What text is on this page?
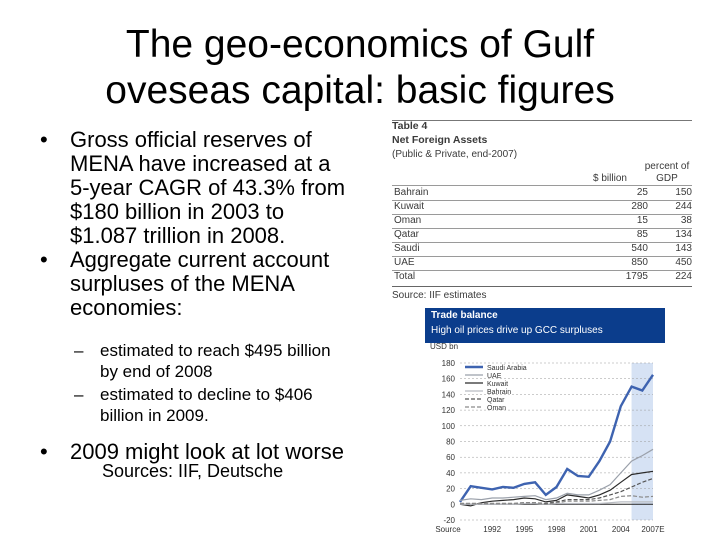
The geo-economics of Gulf
oveseas capital: basic figures
• Gross official reserves of
MENA have increased at a
5-year CAGR of 43.3% from
$180 billion in 2003 to
$1.087 trillion in 2008.
• Aggregate current account
surpluses of the MENA
economies:
– estimated to reach $495 billion
by end of 2008
– estimated to decline to $406
billion in 2009.
• 2009 might look at lot worse
Sources: IIF, Deutsche
Table 4
Net Foreign Assets
(Public & Private, end-2007)
$ billion
percent of
GDP
Bahrain	25	150
Kuwait	280	244
Oman	15	38
Qatar	85	134
Saudi	540	143
UAE	850	450
Total	1795	224
Source: IIF estimates
Trade balance
High oil prices drive up GCC surpluses
USD bn
-20
0
20
40
60
80
100
120
140
160
180
Source	1992 1995 1998 2001 2004 2007E
Saudi Arabia
UAE
Kuwait
Bahrain
Qatar
Oman
